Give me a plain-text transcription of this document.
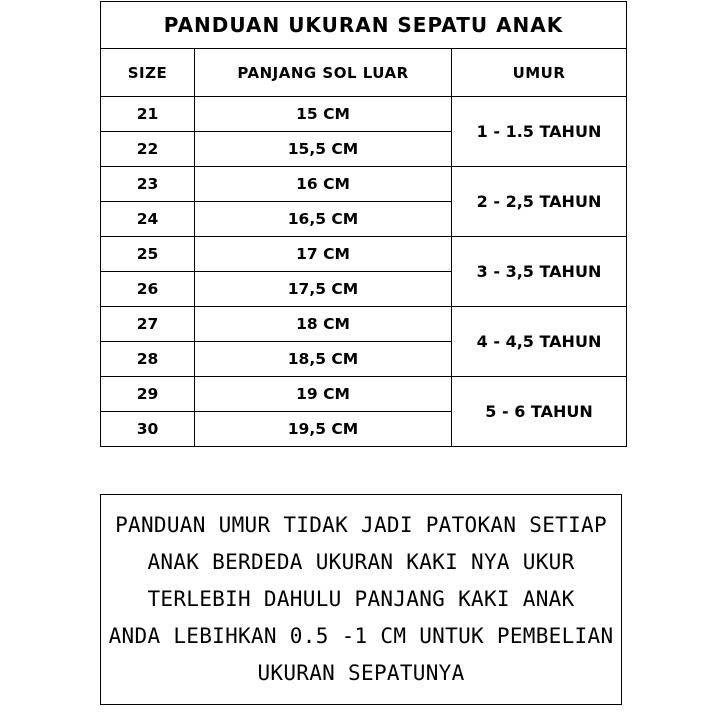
PANDUAN UKURAN SEPATU ANAK		
SIZE	PANJANG SOL LUAR	UMUR
21	15 CM	1 - 1.5 TAHUN
22	15,5 CM	
23	16 CM	2 - 2,5 TAHUN
24	16,5 CM	
25	17 CM	3 - 3,5 TAHUN
26	17,5 CM	
27	18 CM	4 - 4,5 TAHUN
28	18,5 CM	
29	19 CM	5 - 6 TAHUN
30	19,5 CM	

PANDUAN UMUR TIDAK JADI PATOKAN SETIAP
ANAK BERDEDA UKURAN KAKI NYA UKUR
TERLEBIH DAHULU PANJANG KAKI ANAK
ANDA LEBIHKAN 0.5 -1 CM UNTUK PEMBELIAN
UKURAN SEPATUNYA
